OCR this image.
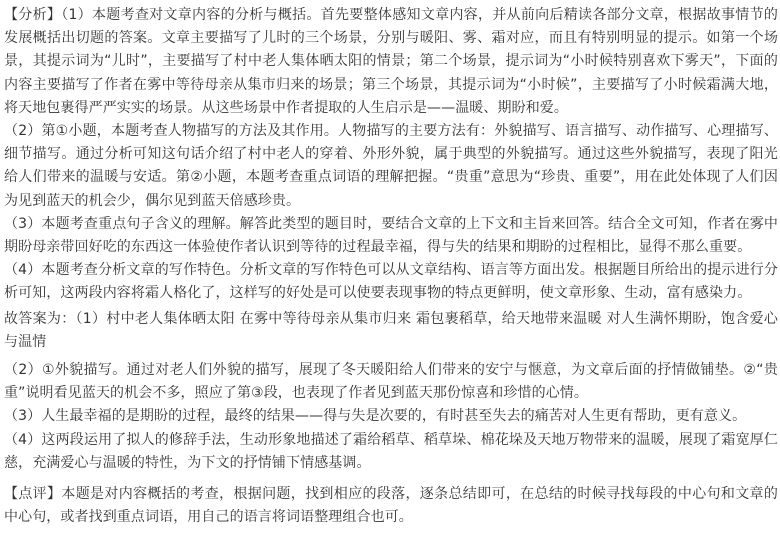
【分析】（1）本题考查对文章内容的分析与概括。首先要整体感知文章内容，并从前向后精读各部分文章，根据故事情节的发展概括出切题的答案。文章主要描写了儿时的三个场景，分别与暖阳、雾、霜对应，而且有特别明显的提示。如第一个场景，其提示词为“儿时”，主要描写了村中老人集体晒太阳的情景；第二个场景，提示词为“小时候特别喜欢下雾天”，下面的内容主要描写了作者在雾中等待母亲从集市归来的场景；第三个场景，其提示词为“小时候”，主要描写了小时候霜满大地，将天地包裹得严严实实的场景。从这些场景中作者提取的人生启示是——温暖、期盼和爱。

（2）第①小题，本题考查人物描写的方法及其作用。人物描写的主要方法有：外貌描写、语言描写、动作描写、心理描写、细节描写。通过分析可知这句话介绍了村中老人的穿着、外形外貌，属于典型的外貌描写。通过这些外貌描写，表现了阳光给人们带来的温暖与安适。第②小题，本题考查重点词语的理解把握。“贵重”意思为“珍贵、重要”，用在此处体现了人们因为见到蓝天的机会少，偶尔见到蓝天倍感珍贵。

（3）本题考查重点句子含义的理解。解答此类型的题目时，要结合文章的上下文和主旨来回答。结合全文可知，作者在雾中期盼母亲带回好吃的东西这一体验使作者认识到等待的过程最幸福，得与失的结果和期盼的过程相比，显得不那么重要。

（4）本题考查分析文章的写作特色。分析文章的写作特色可以从文章结构、语言等方面出发。根据题目所给出的提示进行分析可知，这两段内容将霜人格化了，这样写的好处是可以使要表现事物的特点更鲜明，使文章形象、生动，富有感染力。

故答案为：（1）村中老人集体晒太阳 在雾中等待母亲从集市归来 霜包裹稻草，给天地带来温暖 对人生满怀期盼，饱含爱心与温情

（2）①外貌描写。通过对老人们外貌的描写，展现了冬天暖阳给人们带来的安宁与惬意，为文章后面的抒情做铺垫。②“贵重”说明看见蓝天的机会不多，照应了第③段，也表现了作者见到蓝天那份惊喜和珍惜的心情。

（3）人生最幸福的是期盼的过程，最终的结果——得与失是次要的，有时甚至失去的痛苦对人生更有帮助，更有意义。

（4）这两段运用了拟人的修辞手法，生动形象地描述了霜给稻草、稻草垛、棉花垛及天地万物带来的温暖，展现了霜宽厚仁慈，充满爱心与温暖的特性，为下文的抒情铺下情感基调。

【点评】本题是对内容概括的考查，根据问题，找到相应的段落，逐条总结即可，在总结的时候寻找每段的中心句和文章的中心句，或者找到重点词语，用自己的语言将词语整理组合也可。
